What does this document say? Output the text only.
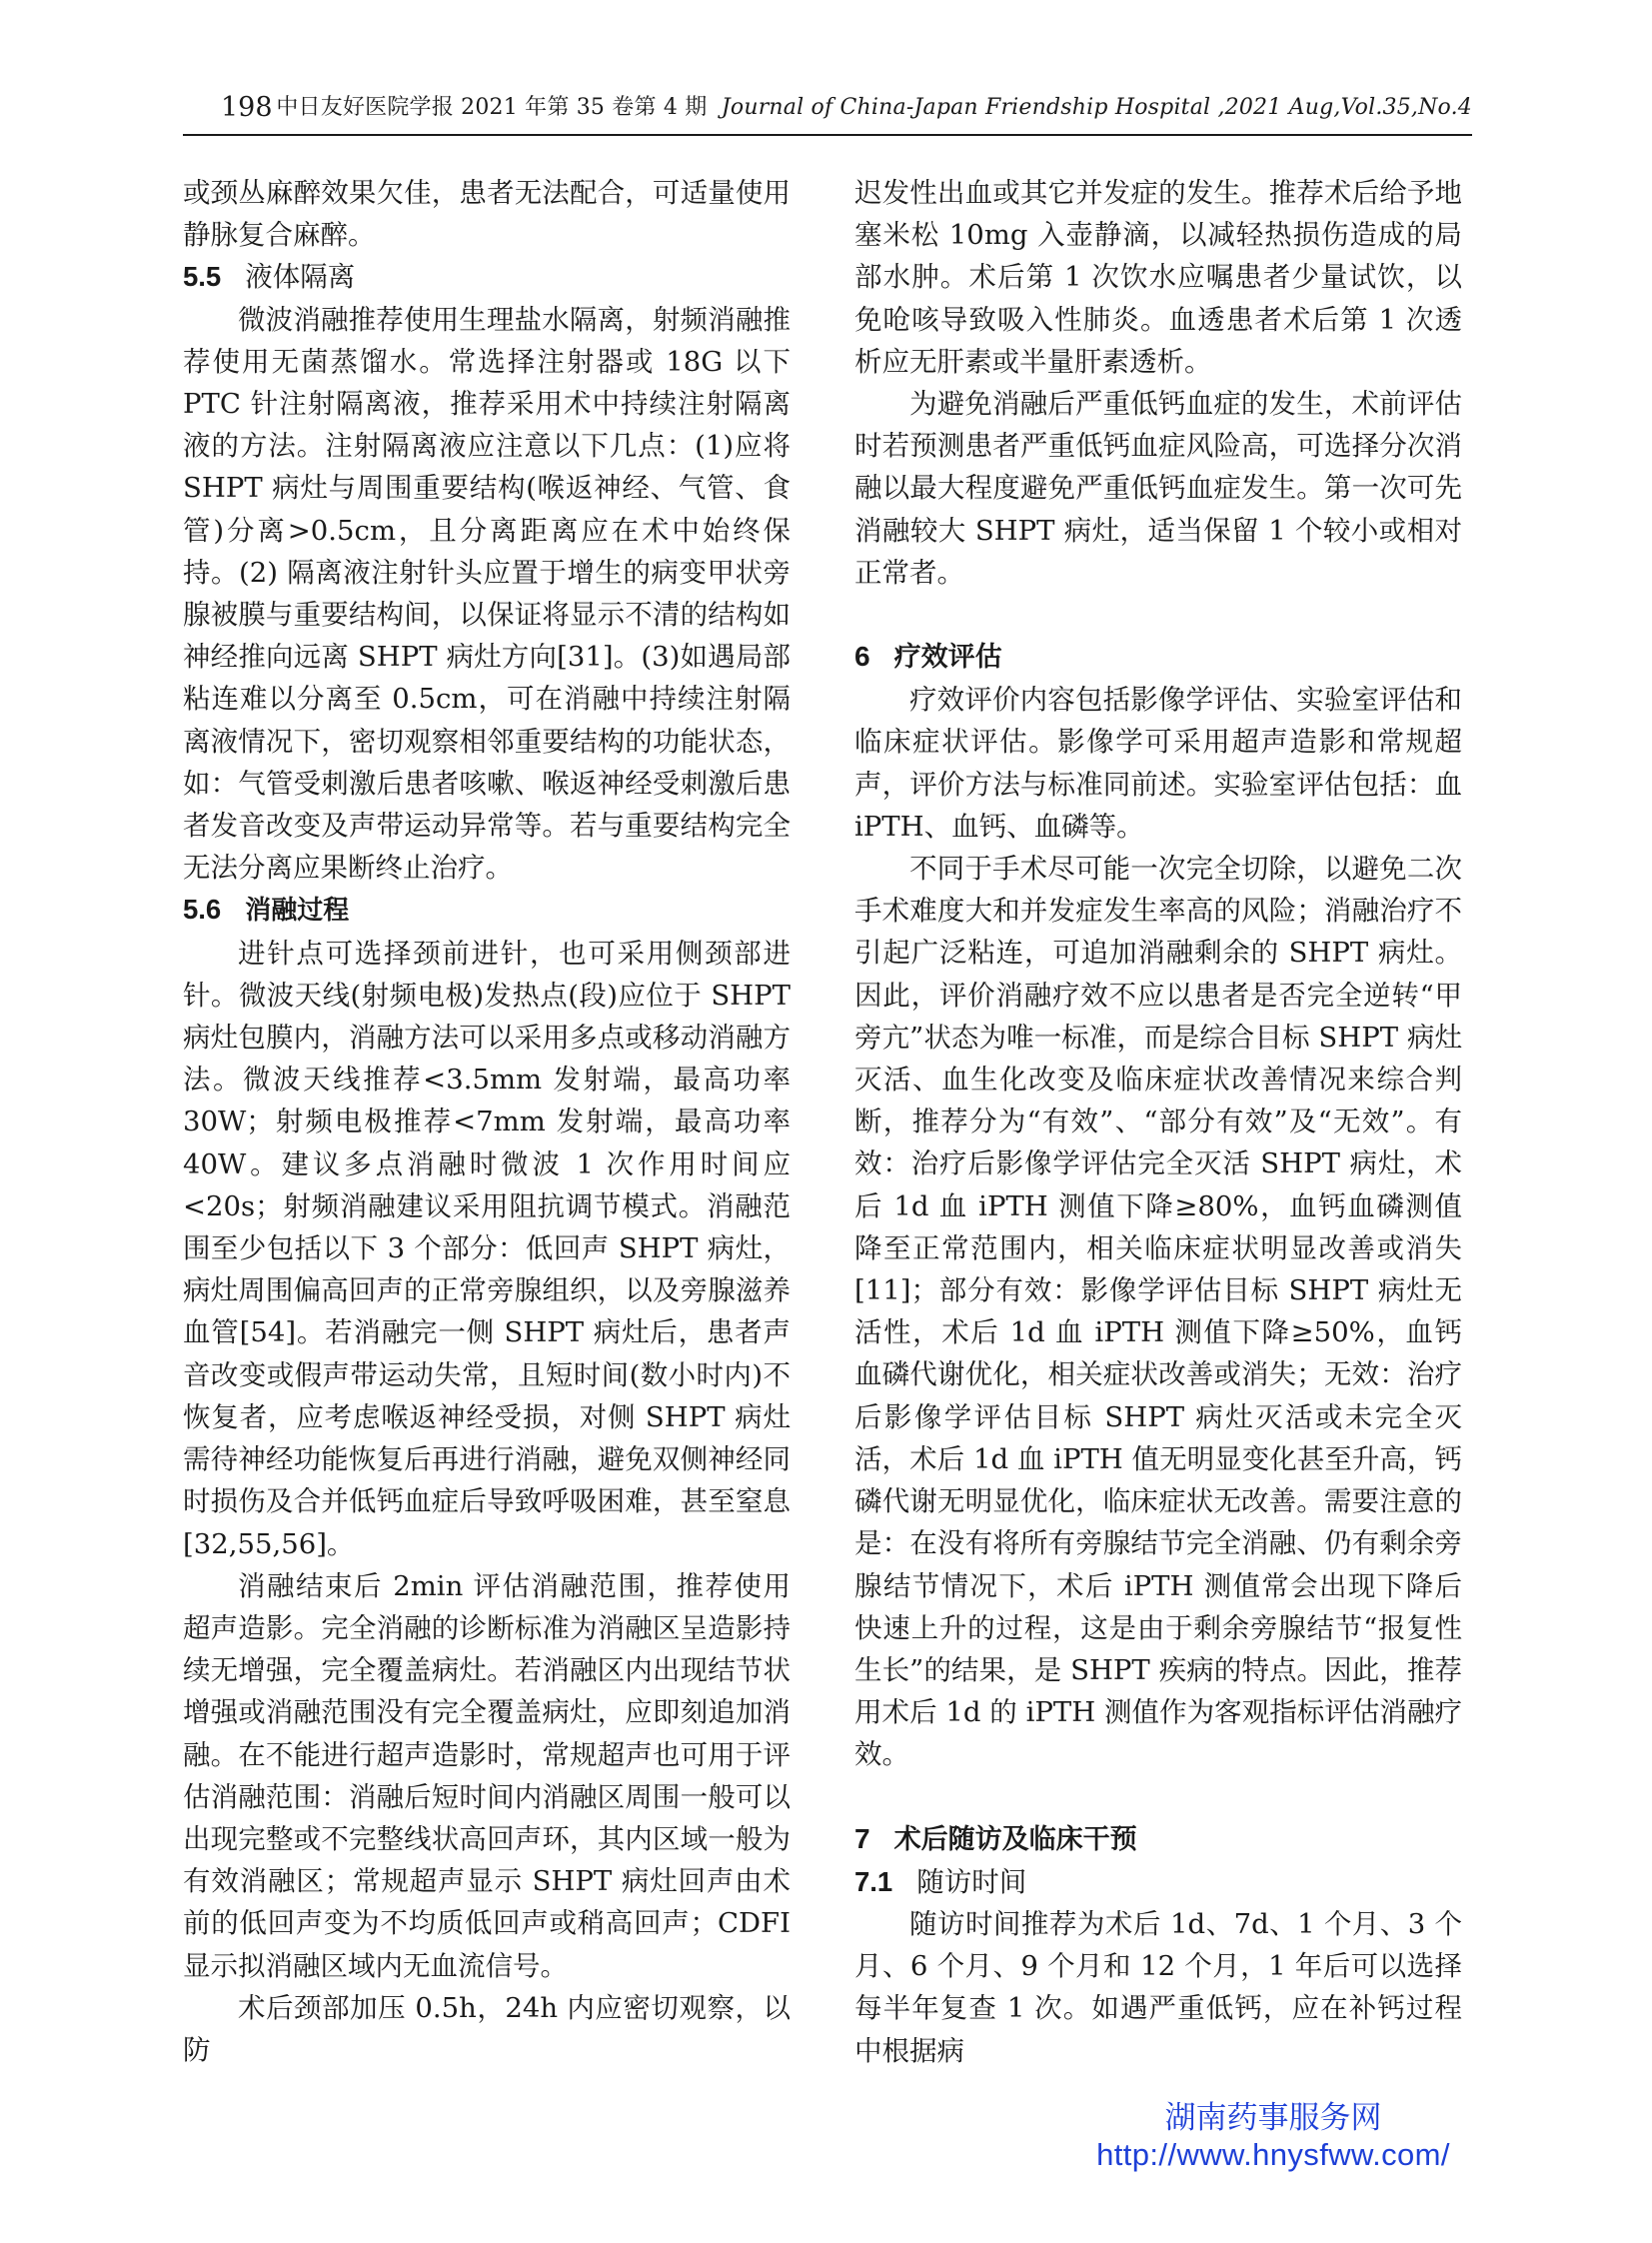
198 中日友好医院学报 2021 年第 35 卷第 4 期 Journal of China-Japan Friendship Hospital ,2021 Aug,Vol.35,No.4

或颈丛麻醉效果欠佳，患者无法配合，可适量使用静脉复合麻醉。

5.5 液体隔离

微波消融推荐使用生理盐水隔离，射频消融推荐使用无菌蒸馏水。常选择注射器或 18G 以下 PTC 针注射隔离液，推荐采用术中持续注射隔离液的方法。注射隔离液应注意以下几点：(1)应将 SHPT 病灶与周围重要结构(喉返神经、气管、食管)分离>0.5cm，且分离距离应在术中始终保持。(2) 隔离液注射针头应置于增生的病变甲状旁腺被膜与重要结构间，以保证将显示不清的结构如神经推向远离 SHPT 病灶方向[31]。(3)如遇局部粘连难以分离至 0.5cm，可在消融中持续注射隔离液情况下，密切观察相邻重要结构的功能状态，如：气管受刺激后患者咳嗽、喉返神经受刺激后患者发音改变及声带运动异常等。若与重要结构完全无法分离应果断终止治疗。

5.6 消融过程

进针点可选择颈前进针，也可采用侧颈部进针。微波天线(射频电极)发热点(段)应位于 SHPT 病灶包膜内，消融方法可以采用多点或移动消融方法。微波天线推荐<3.5mm 发射端，最高功率 30W；射频电极推荐<7mm 发射端，最高功率 40W。建议多点消融时微波 1 次作用时间应<20s；射频消融建议采用阻抗调节模式。消融范围至少包括以下 3 个部分：低回声 SHPT 病灶，病灶周围偏高回声的正常旁腺组织，以及旁腺滋养血管[54]。若消融完一侧 SHPT 病灶后，患者声音改变或假声带运动失常，且短时间(数小时内)不恢复者，应考虑喉返神经受损，对侧 SHPT 病灶需待神经功能恢复后再进行消融，避免双侧神经同时损伤及合并低钙血症后导致呼吸困难，甚至窒息[32,55,56]。

消融结束后 2min 评估消融范围，推荐使用超声造影。完全消融的诊断标准为消融区呈造影持续无增强，完全覆盖病灶。若消融区内出现结节状增强或消融范围没有完全覆盖病灶，应即刻追加消融。在不能进行超声造影时，常规超声也可用于评估消融范围：消融后短时间内消融区周围一般可以出现完整或不完整线状高回声环，其内区域一般为有效消融区；常规超声显示 SHPT 病灶回声由术前的低回声变为不均质低回声或稍高回声；CDFI 显示拟消融区域内无血流信号。

术后颈部加压 0.5h，24h 内应密切观察，以防

迟发性出血或其它并发症的发生。推荐术后给予地塞米松 10mg 入壶静滴，以减轻热损伤造成的局部水肿。术后第 1 次饮水应嘱患者少量试饮，以免呛咳导致吸入性肺炎。血透患者术后第 1 次透析应无肝素或半量肝素透析。

为避免消融后严重低钙血症的发生，术前评估时若预测患者严重低钙血症风险高，可选择分次消融以最大程度避免严重低钙血症发生。第一次可先消融较大 SHPT 病灶，适当保留 1 个较小或相对正常者。

6 疗效评估

疗效评价内容包括影像学评估、实验室评估和临床症状评估。影像学可采用超声造影和常规超声，评价方法与标准同前述。实验室评估包括：血 iPTH、血钙、血磷等。

不同于手术尽可能一次完全切除，以避免二次手术难度大和并发症发生率高的风险；消融治疗不引起广泛粘连，可追加消融剩余的 SHPT 病灶。因此，评价消融疗效不应以患者是否完全逆转“甲旁亢”状态为唯一标准，而是综合目标 SHPT 病灶灭活、血生化改变及临床症状改善情况来综合判断，推荐分为“有效”、“部分有效”及“无效”。有效：治疗后影像学评估完全灭活 SHPT 病灶，术后 1d 血 iPTH 测值下降≥80%，血钙血磷测值降至正常范围内，相关临床症状明显改善或消失[11]；部分有效：影像学评估目标 SHPT 病灶无活性，术后 1d 血 iPTH 测值下降≥50%，血钙血磷代谢优化，相关症状改善或消失；无效：治疗后影像学评估目标 SHPT 病灶灭活或未完全灭活，术后 1d 血 iPTH 值无明显变化甚至升高，钙磷代谢无明显优化，临床症状无改善。需要注意的是：在没有将所有旁腺结节完全消融、仍有剩余旁腺结节情况下，术后 iPTH 测值常会出现下降后快速上升的过程，这是由于剩余旁腺结节“报复性生长”的结果，是 SHPT 疾病的特点。因此，推荐用术后 1d 的 iPTH 测值作为客观指标评估消融疗效。

7 术后随访及临床干预
7.1 随访时间

随访时间推荐为术后 1d、7d、1 个月、3 个月、6 个月、9 个月和 12 个月，1 年后可以选择每半年复查 1 次。如遇严重低钙，应在补钙过程中根据病

湖南药事服务网
http://www.hnysfww.com/
